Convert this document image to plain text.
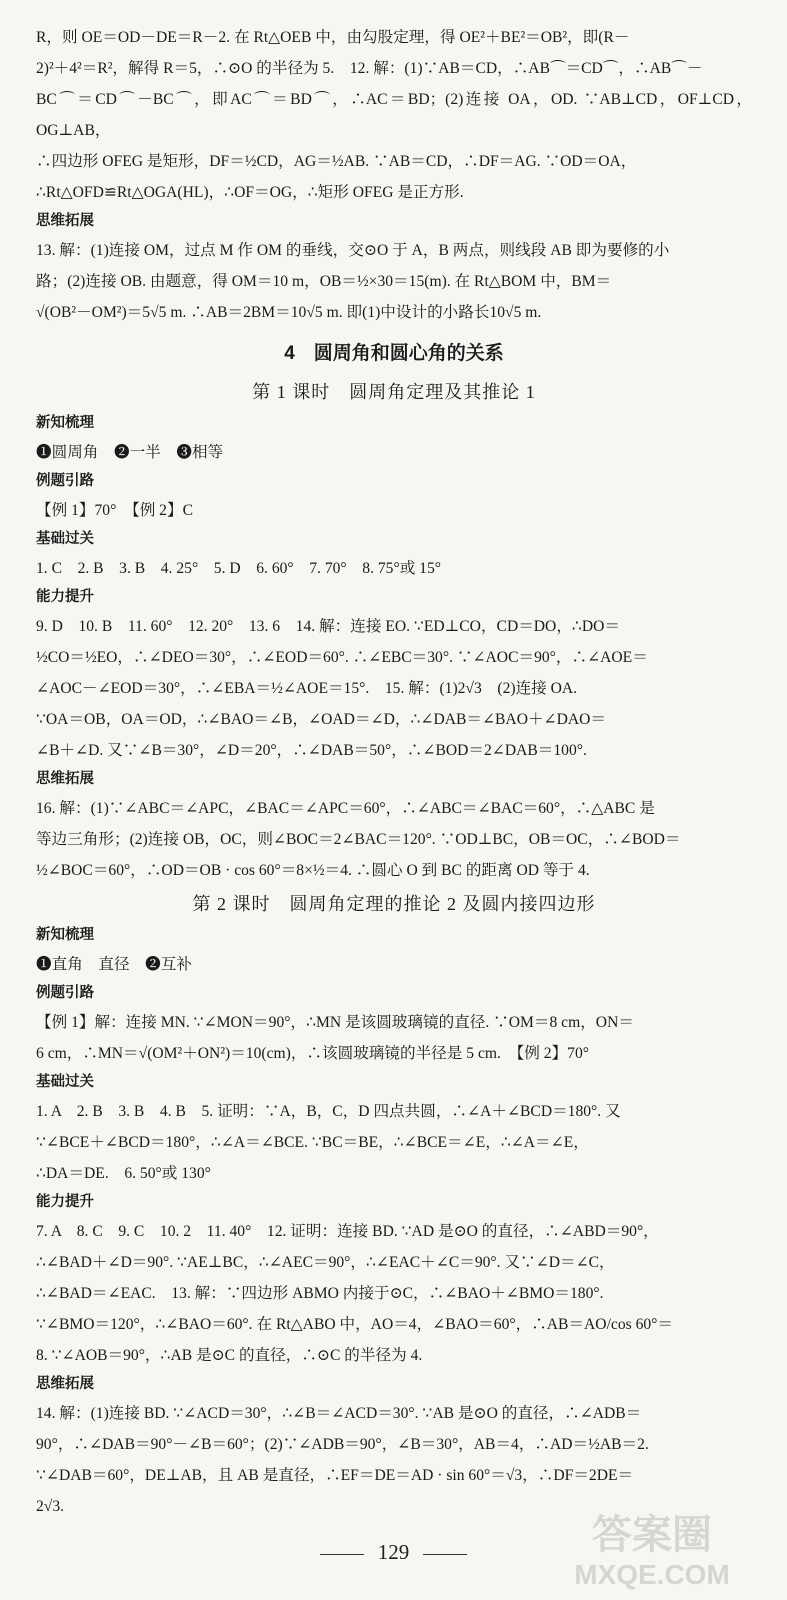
R，则 OE＝OD－DE＝R－2. 在 Rt△OEB 中，由勾股定理，得 OE²＋BE²＝OB²，即(R－
2)²＋4²＝R²，解得 R＝5，∴⊙O 的半径为 5.　12. 解：(1)∵AB＝CD，∴AB⌒＝CD⌒，∴AB⌒－
BC⌒＝CD⌒－BC⌒，即AC⌒＝BD⌒，∴AC＝BD；(2)连接 OA，OD. ∵AB⊥CD，OF⊥CD，OG⊥AB，
∴四边形 OFEG 是矩形，DF＝½CD，AG＝½AB. ∵AB＝CD，∴DF＝AG. ∵OD＝OA，
∴Rt△OFD≌Rt△OGA(HL)，∴OF＝OG，∴矩形 OFEG 是正方形.
思维拓展
13. 解：(1)连接 OM，过点 M 作 OM 的垂线，交⊙O 于 A，B 两点，则线段 AB 即为要修的小
路；(2)连接 OB. 由题意，得 OM＝10 m，OB＝½×30＝15(m). 在 Rt△BOM 中，BM＝
√(OB²－OM²)＝5√5 m. ∴AB＝2BM＝10√5 m. 即(1)中设计的小路长10√5 m.
4　圆周角和圆心角的关系
第 1 课时　圆周角定理及其推论 1
新知梳理
❶圆周角　❷一半　❸相等
例题引路
【例 1】70°　【例 2】C
基础过关
1. C　2. B　3. B　4. 25°　5. D　6. 60°　7. 70°　8. 75°或 15°
能力提升
9. D　10. B　11. 60°　12. 20°　13. 6　14. 解：连接 EO. ∵ED⊥CO，CD＝DO，∴DO＝
½CO＝½EO，∴∠DEO＝30°，∴∠EOD＝60°. ∴∠EBC＝30°. ∵∠AOC＝90°，∴∠AOE＝
∠AOC－∠EOD＝30°，∴∠EBA＝½∠AOE＝15°.　15. 解：(1)2√3　(2)连接 OA.
∵OA＝OB，OA＝OD，∴∠BAO＝∠B，∠OAD＝∠D，∴∠DAB＝∠BAO＋∠DAO＝
∠B＋∠D. 又∵∠B＝30°，∠D＝20°，∴∠DAB＝50°，∴∠BOD＝2∠DAB＝100°.
思维拓展
16. 解：(1)∵∠ABC＝∠APC，∠BAC＝∠APC＝60°，∴∠ABC＝∠BAC＝60°，∴△ABC 是
等边三角形；(2)连接 OB，OC，则∠BOC＝2∠BAC＝120°. ∵OD⊥BC，OB＝OC，∴∠BOD＝
½∠BOC＝60°，∴OD＝OB · cos 60°＝8×½＝4. ∴圆心 O 到 BC 的距离 OD 等于 4.
第 2 课时　圆周角定理的推论 2 及圆内接四边形
新知梳理
❶直角　直径　❷互补
例题引路
【例 1】解：连接 MN. ∵∠MON＝90°，∴MN 是该圆玻璃镜的直径. ∵OM＝8 cm，ON＝
6 cm，∴MN＝√(OM²＋ON²)＝10(cm)，∴该圆玻璃镜的半径是 5 cm.　【例 2】70°
基础过关
1. A　2. B　3. B　4. B　5. 证明：∵A，B，C，D 四点共圆，∴∠A＋∠BCD＝180°. 又
∵∠BCE＋∠BCD＝180°，∴∠A＝∠BCE. ∵BC＝BE，∴∠BCE＝∠E，∴∠A＝∠E，
∴DA＝DE.　6. 50°或 130°
能力提升
7. A　8. C　9. C　10. 2　11. 40°　12. 证明：连接 BD. ∵AD 是⊙O 的直径，∴∠ABD＝90°，
∴∠BAD＋∠D＝90°. ∵AE⊥BC，∴∠AEC＝90°，∴∠EAC＋∠C＝90°. 又∵∠D＝∠C，
∴∠BAD＝∠EAC.　13. 解：∵四边形 ABMO 内接于⊙C，∴∠BAO＋∠BMO＝180°.
∵∠BMO＝120°，∴∠BAO＝60°. 在 Rt△ABO 中，AO＝4，∠BAO＝60°，∴AB＝AO/cos 60°＝
8. ∵∠AOB＝90°，∴AB 是⊙C 的直径，∴⊙C 的半径为 4.
思维拓展
14. 解：(1)连接 BD. ∵∠ACD＝30°，∴∠B＝∠ACD＝30°. ∵AB 是⊙O 的直径，∴∠ADB＝
90°，∴∠DAB＝90°－∠B＝60°；(2)∵∠ADB＝90°，∠B＝30°，AB＝4，∴AD＝½AB＝2.
∵∠DAB＝60°，DE⊥AB，且 AB 是直径，∴EF＝DE＝AD · sin 60°＝√3，∴DF＝2DE＝
2√3.
129	答案圈
MXQE.COM
